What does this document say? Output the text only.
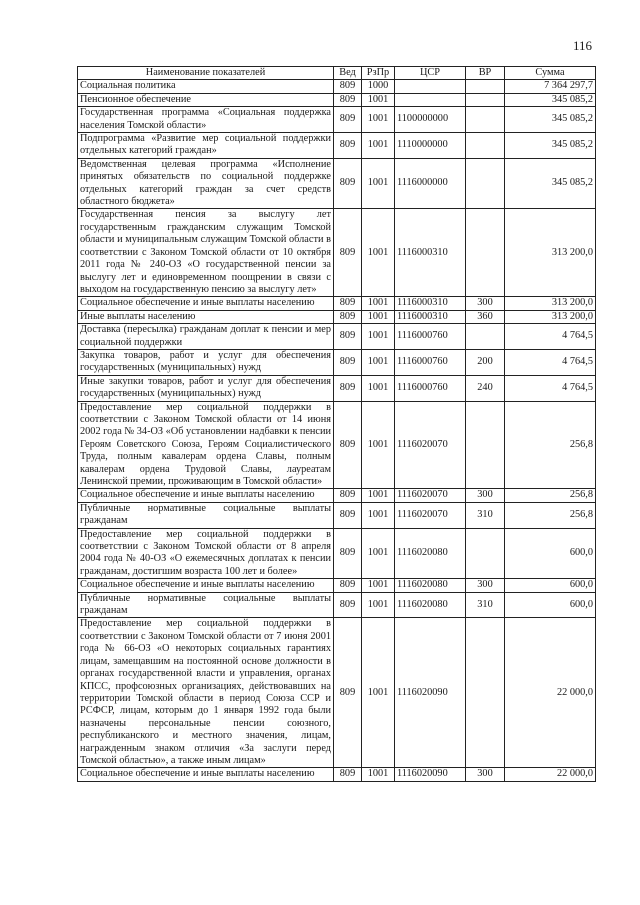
116
Наименование показателей	Вед	РзПр	ЦСР	ВР	Сумма
Социальная политика	809	1000			7 364 297,7
Пенсионное обеспечение	809	1001			345 085,2
Государственная программа «Социальная поддержка населения Томской области»	809	1001	1100000000		345 085,2
Подпрограмма «Развитие мер социальной поддержки отдельных категорий граждан»	809	1001	1110000000		345 085,2
Ведомственная целевая программа «Исполнение принятых обязательств по социальной поддержке отдельных категорий граждан за счет средств областного бюджета»	809	1001	1116000000		345 085,2
Государственная пенсия за выслугу лет государственным гражданским служащим Томской области и муниципальным служащим Томской области в соответствии с Законом Томской области от 10 октября 2011 года № 240-ОЗ «О государственной пенсии за выслугу лет и единовременном поощрении в связи с выходом на государственную пенсию за выслугу лет»	809	1001	1116000310		313 200,0
Социальное обеспечение и иные выплаты населению	809	1001	1116000310	300	313 200,0
Иные выплаты населению	809	1001	1116000310	360	313 200,0
Доставка (пересылка) гражданам доплат к пенсии и мер социальной поддержки	809	1001	1116000760		4 764,5
Закупка товаров, работ и услуг для обеспечения государственных (муниципальных) нужд	809	1001	1116000760	200	4 764,5
Иные закупки товаров, работ и услуг для обеспечения государственных (муниципальных) нужд	809	1001	1116000760	240	4 764,5
Предоставление мер социальной поддержки в соответствии с Законом Томской области от 14 июня 2002 года № 34-ОЗ «Об установлении надбавки к пенсии Героям Советского Союза, Героям Социалистического Труда, полным кавалерам ордена Славы, полным кавалерам ордена Трудовой Славы, лауреатам Ленинской премии, проживающим в Томской области»	809	1001	1116020070		256,8
Социальное обеспечение и иные выплаты населению	809	1001	1116020070	300	256,8
Публичные нормативные социальные выплаты гражданам	809	1001	1116020070	310	256,8
Предоставление мер социальной поддержки в соответствии с Законом Томской области от 8 апреля 2004 года № 40-ОЗ «О ежемесячных доплатах к пенсии гражданам, достигшим возраста 100 лет и более»	809	1001	1116020080		600,0
Социальное обеспечение и иные выплаты населению	809	1001	1116020080	300	600,0
Публичные нормативные социальные выплаты гражданам	809	1001	1116020080	310	600,0
Предоставление мер социальной поддержки в соответствии с Законом Томской области от 7 июня 2001 года № 66-ОЗ «О некоторых социальных гарантиях лицам, замещавшим на постоянной основе должности в органах государственной власти и управления, органах КПСС, профсоюзных организациях, действовавших на территории Томской области в период Союза ССР и РСФСР, лицам, которым до 1 января 1992 года были назначены персональные пенсии союзного, республиканского и местного значения, лицам, награжденным знаком отличия «За заслуги перед Томской областью», а также иным лицам»	809	1001	1116020090		22 000,0
Социальное обеспечение и иные выплаты населению	809	1001	1116020090	300	22 000,0
